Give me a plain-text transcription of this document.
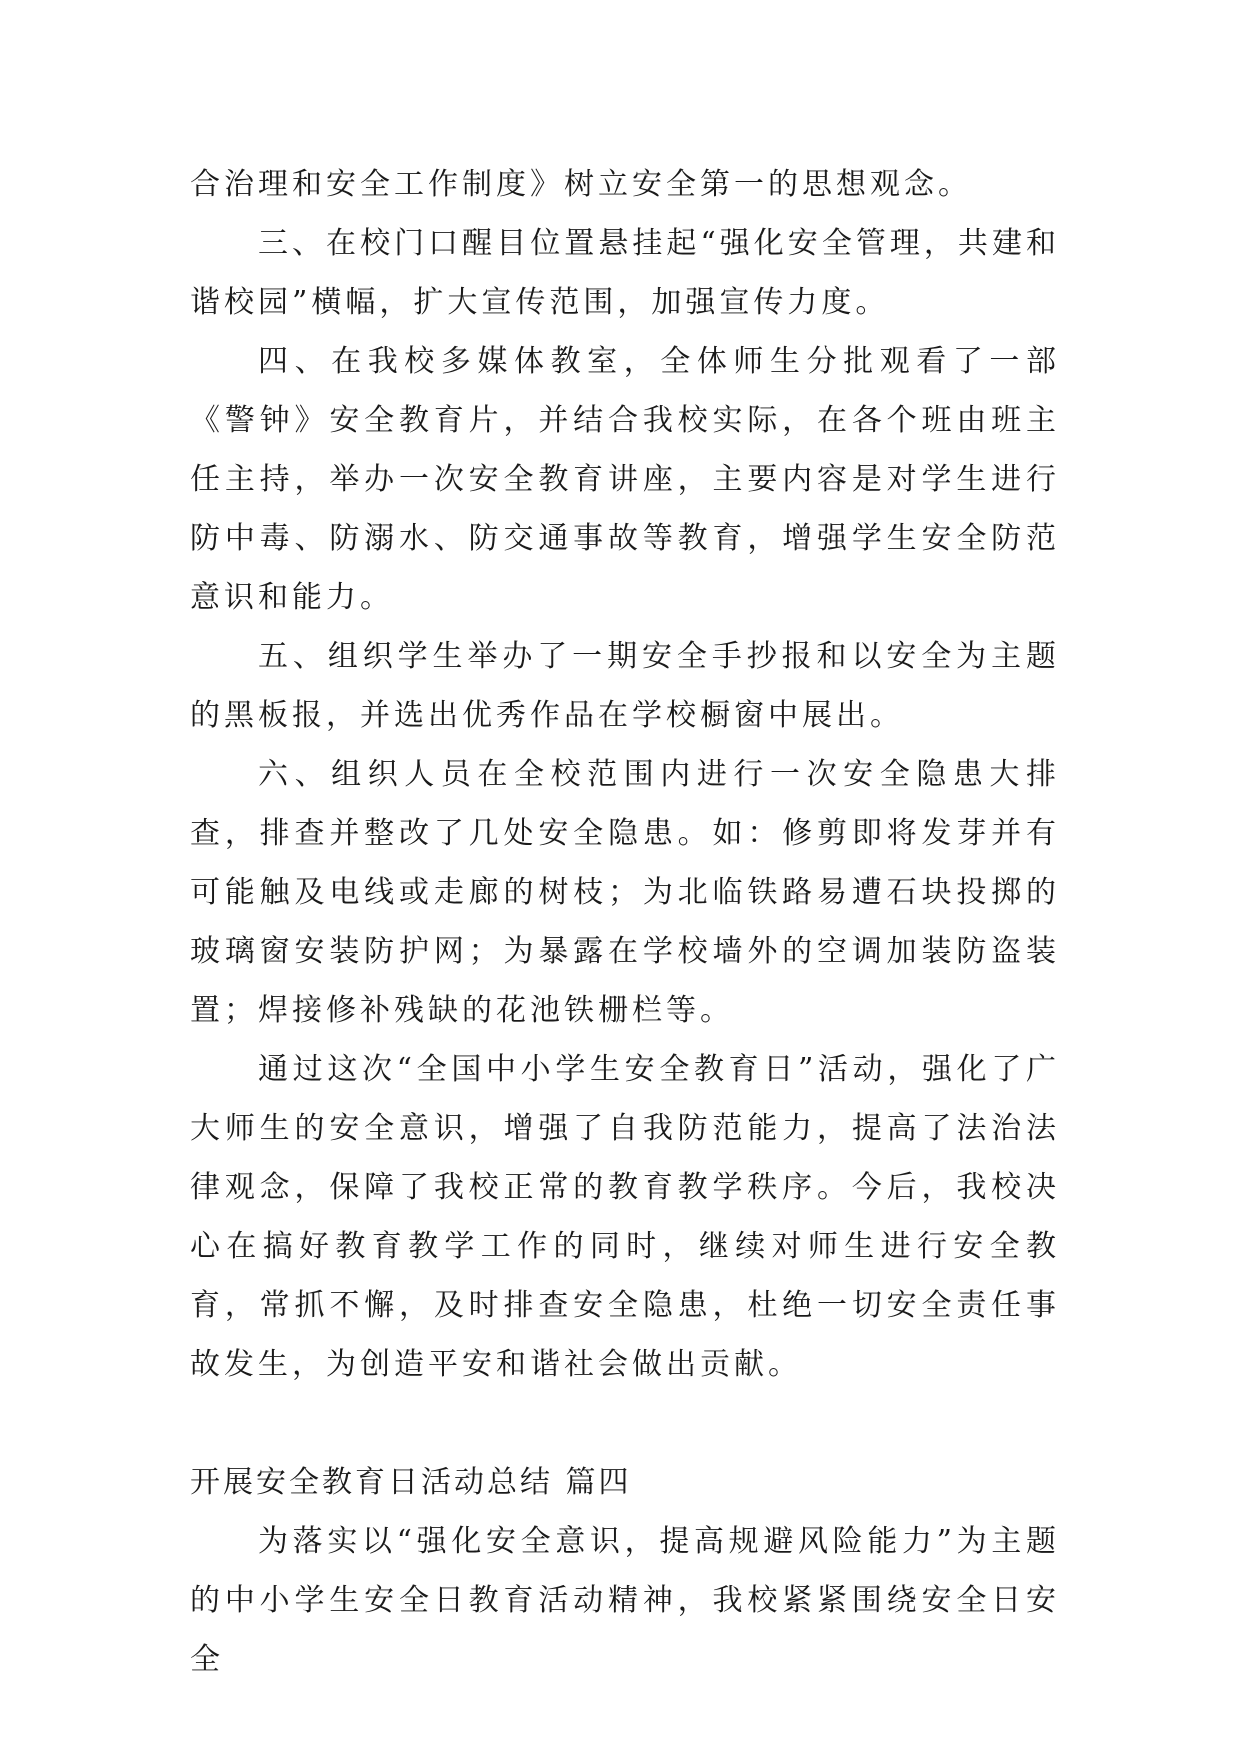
合治理和安全工作制度》树立安全第一的思想观念。

三、在校门口醒目位置悬挂起“强化安全管理，共建和谐校园”横幅，扩大宣传范围，加强宣传力度。

四、在我校多媒体教室，全体师生分批观看了一部《警钟》安全教育片，并结合我校实际，在各个班由班主任主持，举办一次安全教育讲座，主要内容是对学生进行防中毒、防溺水、防交通事故等教育，增强学生安全防范意识和能力。

五、组织学生举办了一期安全手抄报和以安全为主题的黑板报，并选出优秀作品在学校橱窗中展出。

六、组织人员在全校范围内进行一次安全隐患大排查，排查并整改了几处安全隐患。如：修剪即将发芽并有可能触及电线或走廊的树枝；为北临铁路易遭石块投掷的玻璃窗安装防护网；为暴露在学校墙外的空调加装防盗装置；焊接修补残缺的花池铁栅栏等。

通过这次“全国中小学生安全教育日”活动，强化了广大师生的安全意识，增强了自我防范能力，提高了法治法律观念，保障了我校正常的教育教学秩序。今后，我校决心在搞好教育教学工作的同时，继续对师生进行安全教育，常抓不懈，及时排查安全隐患，杜绝一切安全责任事故发生，为创造平安和谐社会做出贡献。

开展安全教育日活动总结 篇四

为落实以“强化安全意识，提高规避风险能力”为主题的中小学生安全日教育活动精神，我校紧紧围绕安全日安全
